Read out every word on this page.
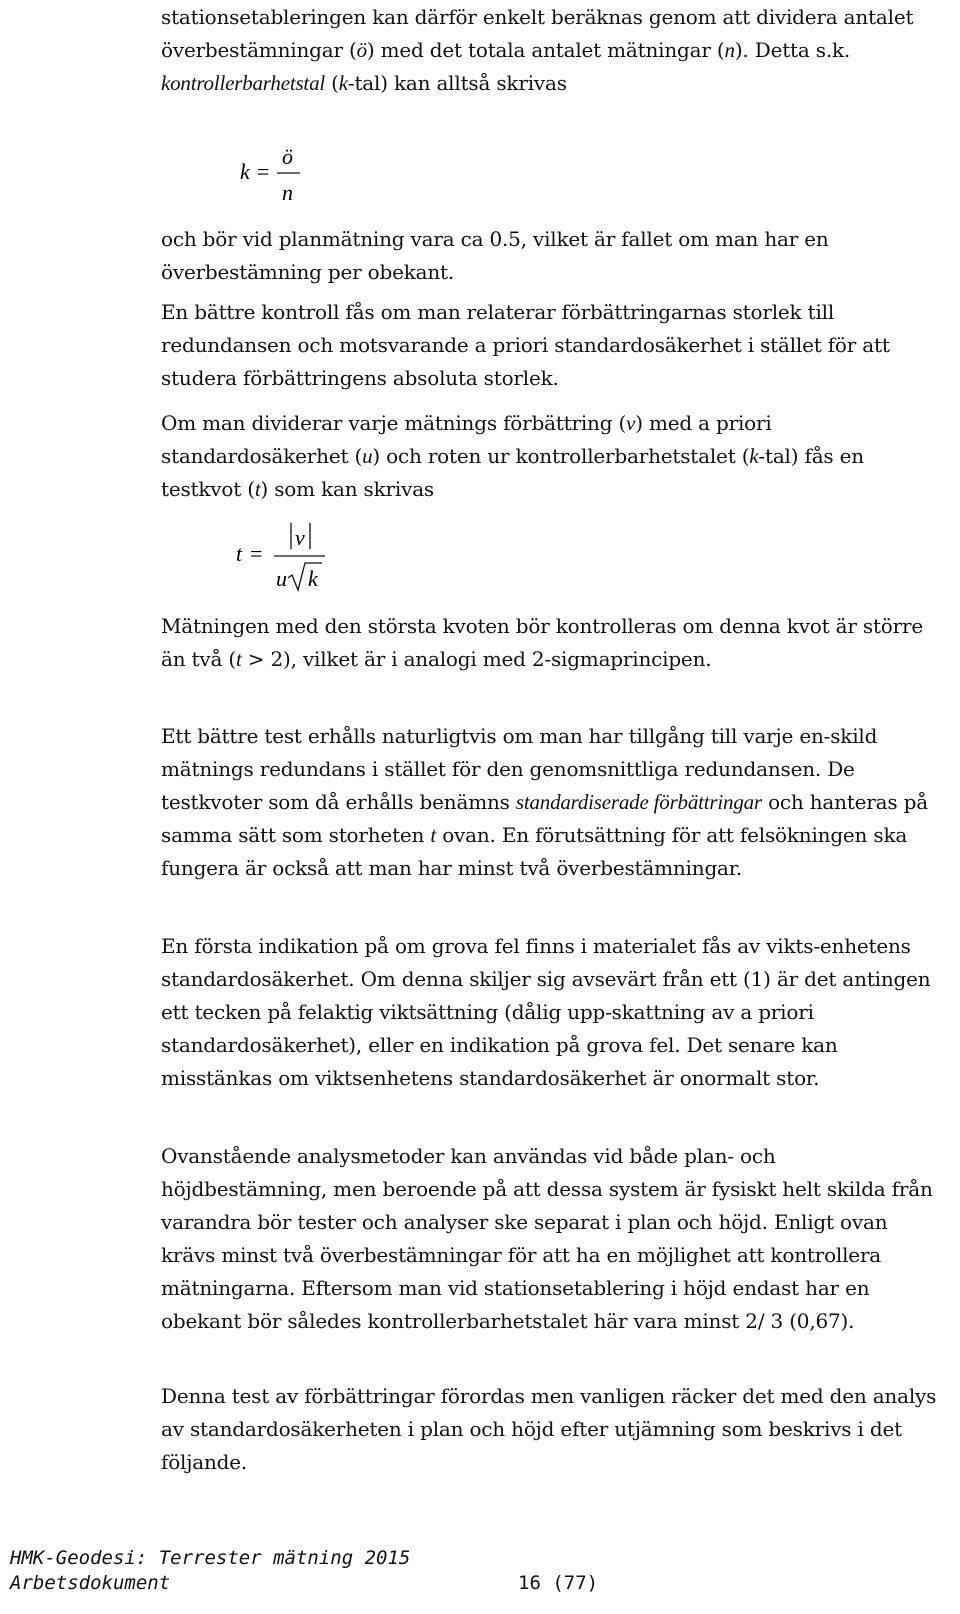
stationsetableringen kan därför enkelt beräknas genom att dividera antalet överbestämningar (ö) med det totala antalet mätningar (n). Detta s.k. kontrollerbarhetstal (k-tal) kan alltså skrivas

k =
ö
n

och bör vid planmätning vara ca 0.5, vilket är fallet om man har en överbestämning per obekant.

En bättre kontroll fås om man relaterar förbättringarnas storlek till redundansen och motsvarande a priori standardosäkerhet i stället för att studera förbättringens absoluta storlek.

Om man dividerar varje mätnings förbättring (v) med a priori standardosäkerhet (u) och roten ur kontrollerbarhetstalet (k-tal) fås en testkvot (t) som kan skrivas

t =
v
u k

Mätningen med den största kvoten bör kontrolleras om denna kvot är större än två (t > 2), vilket är i analogi med 2-sigmaprincipen.

Ett bättre test erhålls naturligtvis om man har tillgång till varje en-skild mätnings redundans i stället för den genomsnittliga redundansen. De testkvoter som då erhålls benämns standardiserade förbättringar och hanteras på samma sätt som storheten t ovan. En förutsättning för att felsökningen ska fungera är också att man har minst två överbestämningar.

En första indikation på om grova fel finns i materialet fås av vikts-enhetens standardosäkerhet. Om denna skiljer sig avsevärt från ett (1) är det antingen ett tecken på felaktig viktsättning (dålig upp-skattning av a priori standardosäkerhet), eller en indikation på grova fel. Det senare kan misstänkas om viktsenhetens standardosäkerhet är onormalt stor.

Ovanstående analysmetoder kan användas vid både plan- och höjdbestämning, men beroende på att dessa system är fysiskt helt skilda från varandra bör tester och analyser ske separat i plan och höjd. Enligt ovan krävs minst två överbestämningar för att ha en möjlighet att kontrollera mätningarna. Eftersom man vid stationsetablering i höjd endast har en obekant bör således kontrollerbarhetstalet här vara minst 2/ 3 (0,67).

Denna test av förbättringar förordas men vanligen räcker det med den analys av standardosäkerheten i plan och höjd efter utjämning som beskrivs i det följande.

HMK-Geodesi: Terrester mätning 2015
Arbetsdokument	16 (77)
